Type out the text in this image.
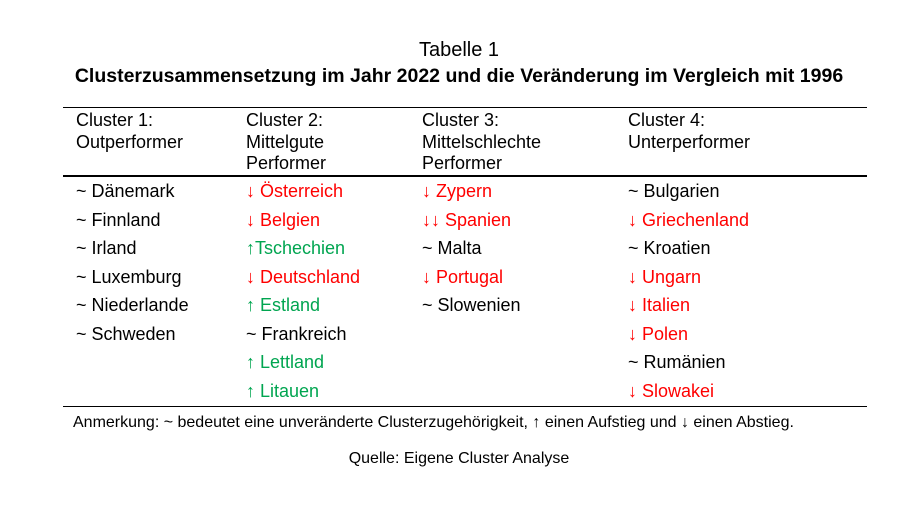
Tabelle 1
Clusterzusammensetzung im Jahr 2022 und die Veränderung im Vergleich mit 1996
Cluster 1:
Outperformer
~ Dänemark
~ Finnland
~ Irland
~ Luxemburg
~ Niederlande
~ Schweden
Cluster 2:
Mittelgute
Performer
↓ Österreich
↓ Belgien
↑Tschechien
↓ Deutschland
↑ Estland
~ Frankreich
↑ Lettland
↑ Litauen
Cluster 3:
Mittelschlechte
Performer
↓ Zypern
↓↓ Spanien
~ Malta
↓ Portugal
~ Slowenien
Cluster 4:
Unterperformer
~ Bulgarien
↓ Griechenland
~ Kroatien
↓ Ungarn
↓ Italien
↓ Polen
~ Rumänien
↓ Slowakei
Anmerkung: ~ bedeutet eine unveränderte Clusterzugehörigkeit, ↑ einen Aufstieg und ↓ einen Abstieg.
Quelle: Eigene Cluster Analyse
